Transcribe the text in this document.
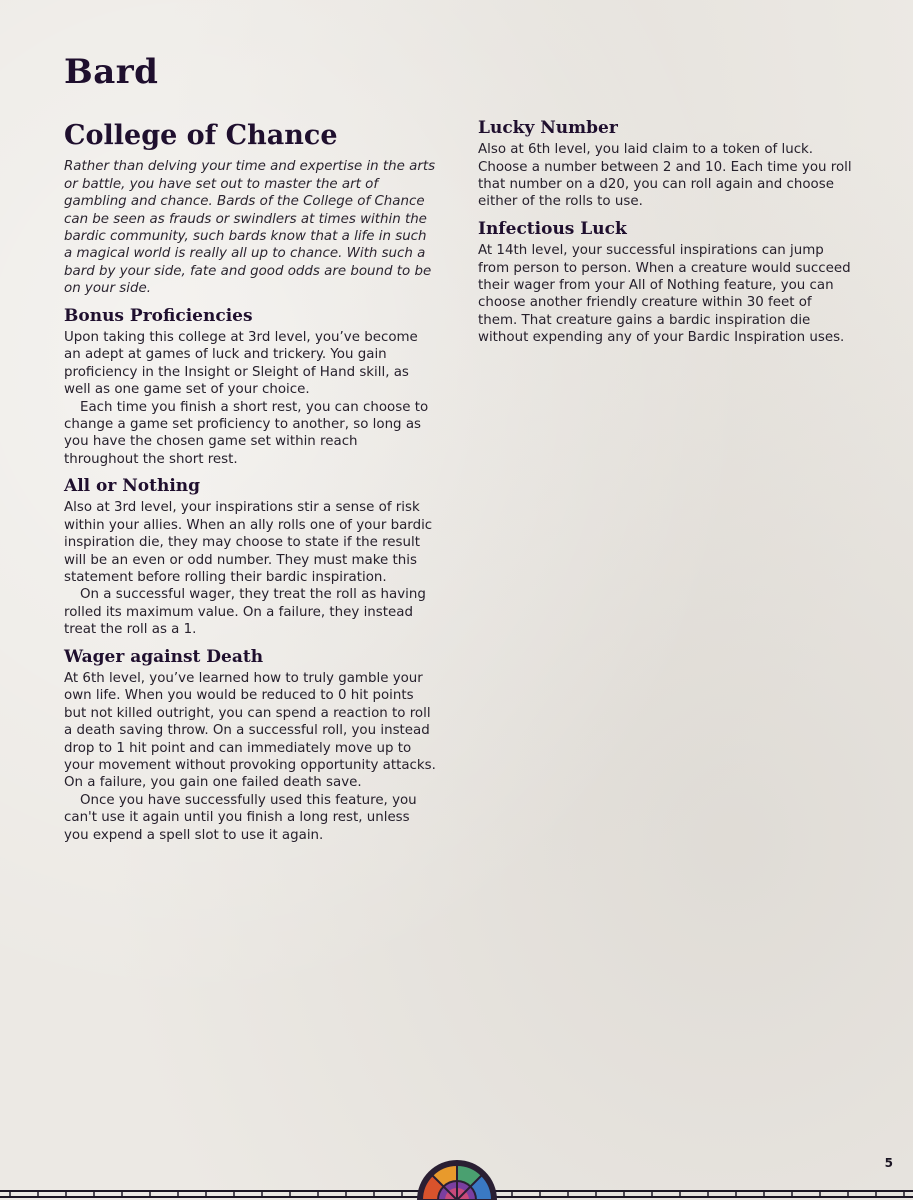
Bard
College of Chance

Rather than delving your time and expertise in the arts or battle, you have set out to master the art of gambling and chance. Bards of the College of Chance can be seen as frauds or swindlers at times within the bardic community, such bards know that a life in such a magical world is really all up to chance. With such a bard by your side, fate and good odds are bound to be on your side.

Bonus Proficiencies

Upon taking this college at 3rd level, you’ve become an adept at games of luck and trickery. You gain proficiency in the Insight or Sleight of Hand skill, as well as one game set of your choice.

Each time you finish a short rest, you can choose to change a game set proficiency to another, so long as you have the chosen game set within reach throughout the short rest.

All or Nothing

Also at 3rd level, your inspirations stir a sense of risk within your allies. When an ally rolls one of your bardic inspiration die, they may choose to state if the result will be an even or odd number. They must make this statement before rolling their bardic inspiration.

On a successful wager, they treat the roll as having rolled its maximum value. On a failure, they instead treat the roll as a 1.

Wager against Death

At 6th level, you’ve learned how to truly gamble your own life. When you would be reduced to 0 hit points but not killed outright, you can spend a reaction to roll a death saving throw. On a successful roll, you instead drop to 1 hit point and can immediately move up to your movement without provoking opportunity attacks. On a failure, you gain one failed death save.

Once you have successfully used this feature, you can't use it again until you finish a long rest, unless you expend a spell slot to use it again.

Lucky Number

Also at 6th level, you laid claim to a token of luck. Choose a number between 2 and 10. Each time you roll that number on a d20, you can roll again and choose either of the rolls to use.

Infectious Luck

At 14th level, your successful inspirations can jump from person to person. When a creature would succeed their wager from your All of Nothing feature, you can choose another friendly creature within 30 feet of them. That creature gains a bardic inspiration die without expending any of your Bardic Inspiration uses.

5
